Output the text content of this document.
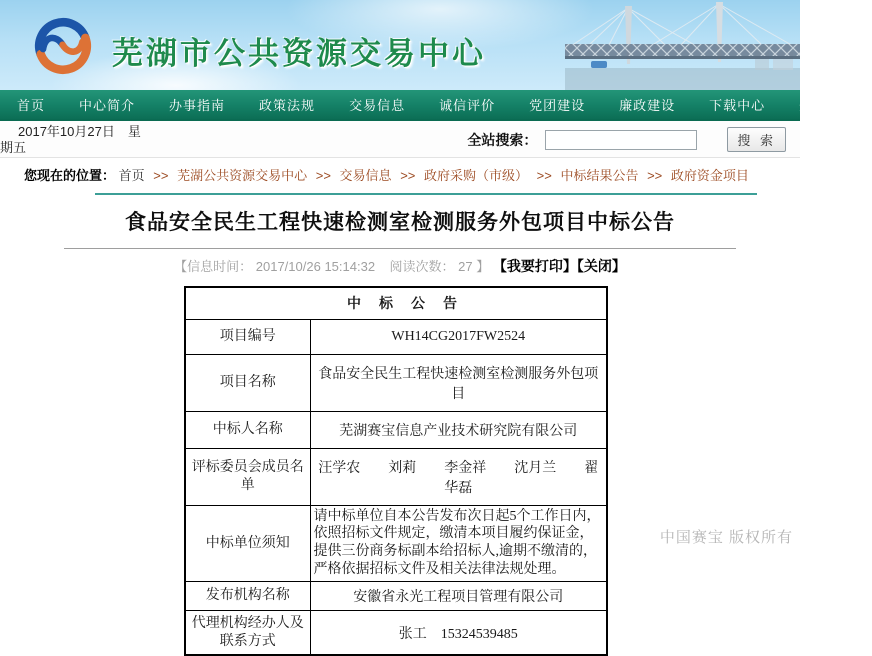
芜湖市公共资源交易中心
首页	中心简介	办事指南	政策法规	交易信息	诚信评价	党团建设	廉政建设	下载中心	企业信息
2017年10月27日　星期五	全站搜索：	搜 索
您现在的位置： 首页 >> 芜湖公共资源交易中心 >> 交易信息 >> 政府采购（市级） >> 中标结果公告 >> 政府资金项目
食品安全民生工程快速检测室检测服务外包项目中标公告
【信息时间： 2017/10/26 15:14:32 阅读次数： 27 】 【我要打印】【关闭】
中　标　公　告	
项目编号	WH14CG2017FW2524
项目名称	食品安全民生工程快速检测室检测服务外包项目
中标人名称	芜湖赛宝信息产业技术研究院有限公司
评标委员会成员名单	汪学农　　刘莉　　李金祥　　沈月兰　　翟华磊
中标单位须知	请中标单位自本公告发布次日起5个工作日内，依照招标文件规定，缴清本项目履约保证金，提供三份商务标副本给招标人,逾期不缴清的，严格依据招标文件及相关法律法规处理。
发布机构名称	安徽省永光工程项目管理有限公司
代理机构经办人及联系方式	张工　15324539485
中国赛宝 版权所有
